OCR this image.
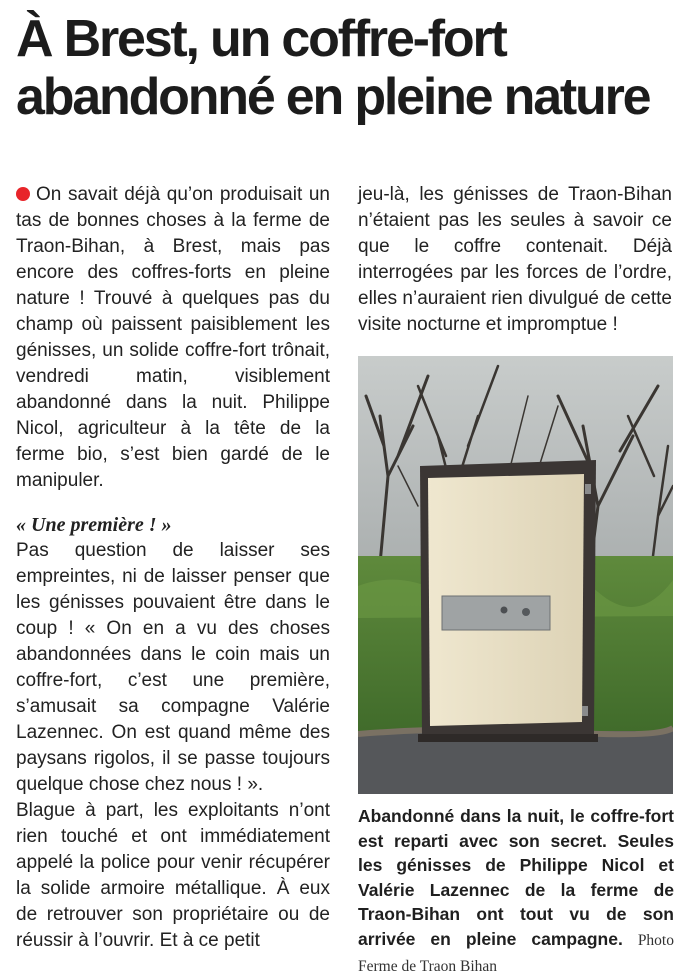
À Brest, un coffre-fort
abandonné en pleine nature

On savait déjà qu’on produisait un tas de bonnes choses à la ferme de Traon-Bihan, à Brest, mais pas encore des coffres-forts en pleine nature ! Trouvé à quelques pas du champ où paissent paisiblement les génisses, un solide coffre-fort trônait, vendredi matin, visiblement abandonné dans la nuit. Philippe Nicol, agriculteur à la tête de la ferme bio, s’est bien gardé de le manipuler.

« Une première ! »

Pas question de laisser ses empreintes, ni de laisser penser que les génisses pouvaient être dans le coup ! « On en a vu des choses abandonnées dans le coin mais un coffre-fort, c’est une première, s’amusait sa compagne Valérie Lazennec. On est quand même des paysans rigolos, il se passe toujours quelque chose chez nous ! ».

Blague à part, les exploitants n’ont rien touché et ont immédiatement appelé la police pour venir récupérer la solide armoire métallique. À eux de retrouver son propriétaire ou de réussir à l’ouvrir. Et à ce petit

jeu-là, les génisses de Traon-Bihan n’étaient pas les seules à savoir ce que le coffre contenait. Déjà interrogées par les forces de l’ordre, elles n’auraient rien divulgué de cette visite nocturne et impromptue !

Abandonné dans la nuit, le coffre-fort est reparti avec son secret. Seules les génisses de Philippe Nicol et Valérie Lazennec de la ferme de Traon-Bihan ont tout vu de son arrivée en pleine campagne. Photo Ferme de Traon Bihan
